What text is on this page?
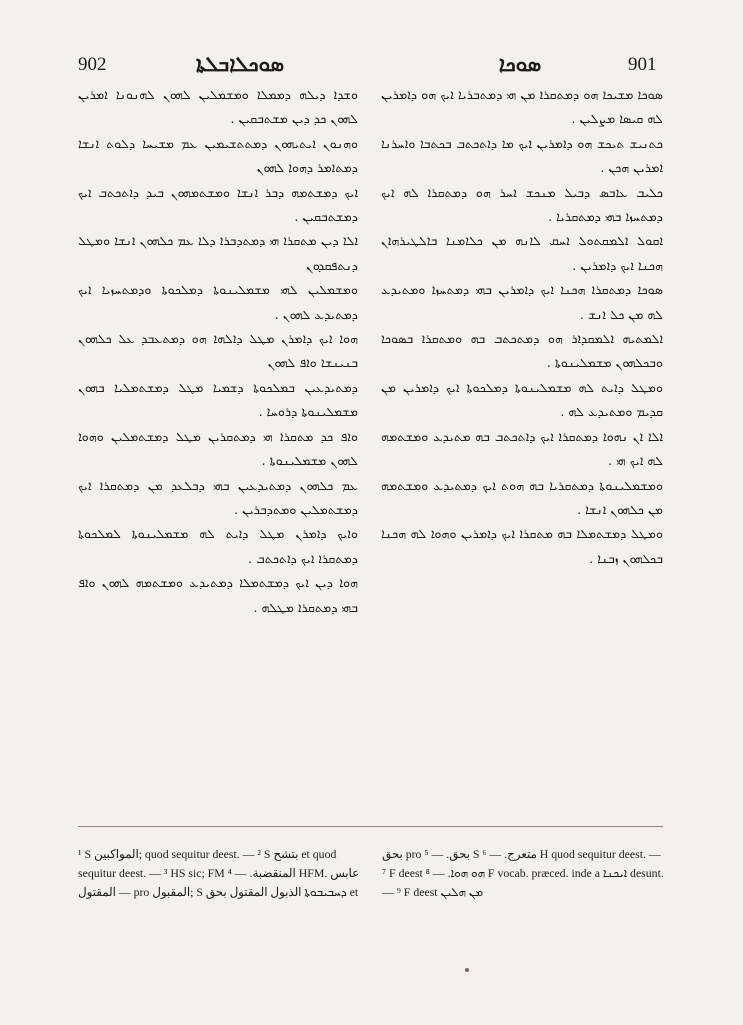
902	ܣܘܟܠܐܒܠܬܐ	ܣܘܟܐ	901

ܘܫܕܐ ܕܝܠܗ ܕܡܡܠܐ ܘܡܫܡܠܝܢ ܠܗܘܢ ܠܗܢܘܢܐ ܐܡܪܝܢ ܠܗܘܢ ܟܕ ܕܝܢ ܡܫܬܒܩܝܢ .

ܘܗܢܘܢ ܐܝܬܝܗܘܢ ܕܡܬܬܫܝܡܝܢ ܥܡ ܡܫܝܚܐ ܕܠܘܬ ܐܢܫܐ ܕܡܬܐܡܪ ܕܗܘܐ ܠܗܘܢ

ܐܝܟ ܕܡܫܬܡܗ ܕܒܪ ܐܢܫܐ ܘܡܫܬܡܗܘܢ ܒܝܕ ܕܐܬܟܬܒ ܐܝܟ ܕܡܫܬܒܩܝܢ .

ܐܠܐ ܕܝܢ ܡܬܩܪܐ ܗܝ ܕܡܬܕܒܪܐ ܕܠܐ ܥܡ ܟܠܗܘܢ ܐܢܫܐ ܘܡܛܠ ܕܢܬܦܩܕܘܢ

ܘܡܫܡܠܝܢ ܠܗܝ ܡܫܡܠܝܢܘܬܐ ܕܡܠܟܘܬܐ ܘܕܡܬܚܙܝܐ ܐܝܟ ܕܡܬܝܕܥ ܠܗܘܢ .

ܗܘܐ ܐܝܟ ܕܐܡܪܢ ܡܛܠ ܕܐܠܗܐ ܗܘ ܕܡܬܥܒܕ ܥܠ ܟܠܗܘܢ ܒܢܝܢܫܐ ܘܐܦ ܠܗܘܢ

ܕܡܬܝܕܥܝܢ ܒܡܠܟܘܬܐ ܕܫܡܝܐ ܡܛܠ ܕܡܫܬܡܠܝܐ ܒܗܘܢ ܡܫܡܠܝܢܘܬܐ ܕܪܘܚܐ .

ܘܐܦ ܟܕ ܡܬܩܪܐ ܗܝ ܕܡܬܩܪܝܢ ܡܛܠ ܕܡܫܬܡܠܝܢ ܘܗܘܐ ܠܗܘܢ ܡܫܡܠܝܢܘܬܐ .

ܥܡ ܟܠܗܘܢ ܕܡܬܝܕܥܝܢ ܒܗܝ ܕܒܠܥܕ ܡܢ ܕܡܬܩܪܐ ܐܝܟ ܕܡܫܬܡܠܝܢ ܘܡܬܕܒܪܝܢ .

ܘܐܝܟ ܕܐܡܪܢ ܡܛܠ ܕܐܝܬ ܠܗ ܡܫܡܠܝܢܘܬܐ ܠܡܠܟܘܬܐ ܕܡܬܩܪܐ ܐܝܟ ܕܐܬܟܬܒ .

ܗܘܐ ܕܝܢ ܐܝܟ ܕܡܫܬܡܠܐ ܕܡܬܝܕܥ ܘܡܫܬܡܗ ܠܗܘܢ ܘܐܦ ܒܗܝ ܕܡܬܩܪܐ ܡܛܠܗ .

ܣܘܟܐ ܡܫܝܟܐ ܗܘ ܕܡܬܩܪܐ ܡܢ ܗܝ ܕܡܬܒܪܝܐ ܐܝܟ ܗܘ ܕܐܡܪܝܢ ܠܗ ܩܝܣܐ ܡܨܠܝܢ .

ܟܬܢܝܫ ܬܝܟܫ ܗܘ ܕܐܡܪܝܢ ܐܝܟ ܡܐ ܕܐܬܟܬܒ ܒܟܬܒܐ ܘܐܚܪܢܐ ܐܡܪܝܢ ܗܟܢ .

ܟܠܝܒ ܥܐܒܣ ܕܒܝܠ ܡܢܟܫ ܐܚܪ ܗܘ ܕܡܬܩܪܐ ܠܗ ܐܝܟ ܕܡܬܚܙܐ ܒܗܝ ܕܡܬܩܪܝܐ .

ܐܩܘܠ ܐܠܡܩܬܘܠ ܐܚܩ ܠܐܢܗ ܡܢ ܟܠܐܡܢܐ ܒܐܠܛܝܪܗܐܢ ܗܟܢܐ ܐܝܟ ܕܐܡܪܝܢ .

ܣܘܟܐ ܕܡܬܩܪܐ ܗܟܢܐ ܐܝܟ ܕܐܡܪܝܢ ܒܗܝ ܕܡܬܚܙܐ ܘܡܬܝܕܥ ܠܗ ܡܢ ܟܠ ܐܢܫ .

ܐܠܡܬܝܗ ܐܠܡܩܕܐܪ ܗܘ ܕܡܬܟܬܒ ܒܗ ܘܡܬܩܪܐ ܒܣܘܟܐ ܘܒܟܠܗܘܢ ܡܫܡܠܝܢܘܬܐ .

ܘܡܛܠ ܕܐܝܬ ܠܗ ܡܫܡܠܝܢܘܬܐ ܕܡܠܟܘܬܐ ܐܝܟ ܕܐܡܪܝܢ ܡܢ ܩܕܝܡ ܘܡܬܝܕܥ ܠܗ .

ܐܠܐ ܐܢ ܢܗܘܐ ܕܡܬܩܪܐ ܐܝܟ ܕܐܬܟܬܒ ܒܗ ܡܬܝܕܥ ܘܡܫܬܡܗ ܠܗ ܐܝܟ ܗܝ .

ܘܡܫܡܠܝܢܘܬܐ ܕܡܬܩܪܝܐ ܒܗ ܗܘܬ ܐܝܟ ܕܡܬܝܕܥ ܘܡܫܬܡܗ ܡܢ ܟܠܗܘܢ ܐܢܫܐ .

ܘܡܛܠ ܕܡܫܬܡܠܐ ܒܗ ܡܬܩܪܐ ܐܝܟ ܕܐܡܪܝܢ ܘܗܘܐ ܠܗ ܗܟܢܐ ܒܟܠܗܘܢ ܙܒܢܐ .

¹ S المواكبين; quod sequitur deest. — ² S بتشح et quod sequitur deest. — ³ HS sic; FM المنقضبة. — ⁴ HFM. عابس — المقتول pro المقبول; S ܕܚܒܝܒܘܬܐ الذبول المقتول بحق et

بحق pro بحق. — ⁵ S متعرج. — ⁶ H quod sequitur deest. — ⁷ F deest ܗܘ ܗܘܐ. — ⁸ F vocab. præced. inde a ܐܝܟܢܐ desunt. — ⁹ F deest ܡܢ ܗܠܝܢ
